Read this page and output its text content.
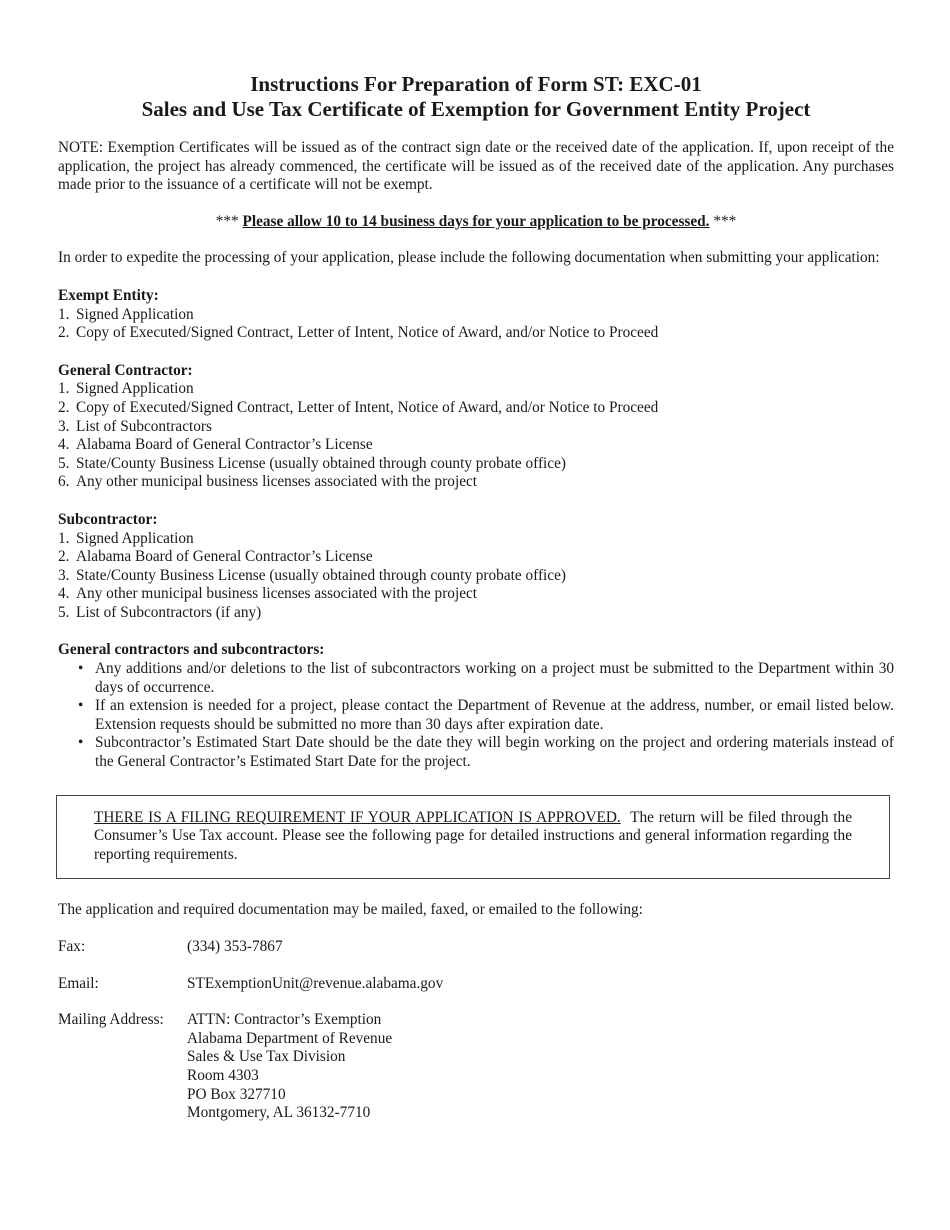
Instructions For Preparation of Form ST: EXC-01
Sales and Use Tax Certificate of Exemption for Government Entity Project

NOTE: Exemption Certificates will be issued as of the contract sign date or the received date of the application. If, upon receipt of the application, the project has already commenced, the certificate will be issued as of the received date of the application. Any purchases made prior to the issuance of a certificate will not be exempt.

*** Please allow 10 to 14 business days for your application to be processed. ***

In order to expedite the processing of your application, please include the following documentation when submitting your application:

Exempt Entity:

1. Signed Application
2. Copy of Executed/Signed Contract, Letter of Intent, Notice of Award, and/or Notice to Proceed

General Contractor:

1. Signed Application
2. Copy of Executed/Signed Contract, Letter of Intent, Notice of Award, and/or Notice to Proceed
3. List of Subcontractors
4. Alabama Board of General Contractor’s License
5. State/County Business License (usually obtained through county probate office)
6. Any other municipal business licenses associated with the project

Subcontractor:

1. Signed Application
2. Alabama Board of General Contractor’s License
3. State/County Business License (usually obtained through county probate office)
4. Any other municipal business licenses associated with the project
5. List of Subcontractors (if any)

General contractors and subcontractors:

• Any additions and/or deletions to the list of subcontractors working on a project must be submitted to the Department within 30 days of occurrence.
• If an extension is needed for a project, please contact the Department of Revenue at the address, number, or email listed below. Extension requests should be submitted no more than 30 days after expiration date.
• Subcontractor’s Estimated Start Date should be the date they will begin working on the project and ordering materials instead of the General Contractor’s Estimated Start Date for the project.
THERE IS A FILING REQUIREMENT IF YOUR APPLICATION IS APPROVED. The return will be filed through the Consumer’s Use Tax account. Please see the following page for detailed instructions and general information regarding the reporting requirements.

The application and required documentation may be mailed, faxed, or emailed to the following:

Fax:	(334) 353-7867
Email:	STExemptionUnit@revenue.alabama.gov
Mailing Address:	ATTN: Contractor’s Exemption
Alabama Department of Revenue
Sales & Use Tax Division
Room 4303
PO Box 327710
Montgomery, AL 36132-7710
